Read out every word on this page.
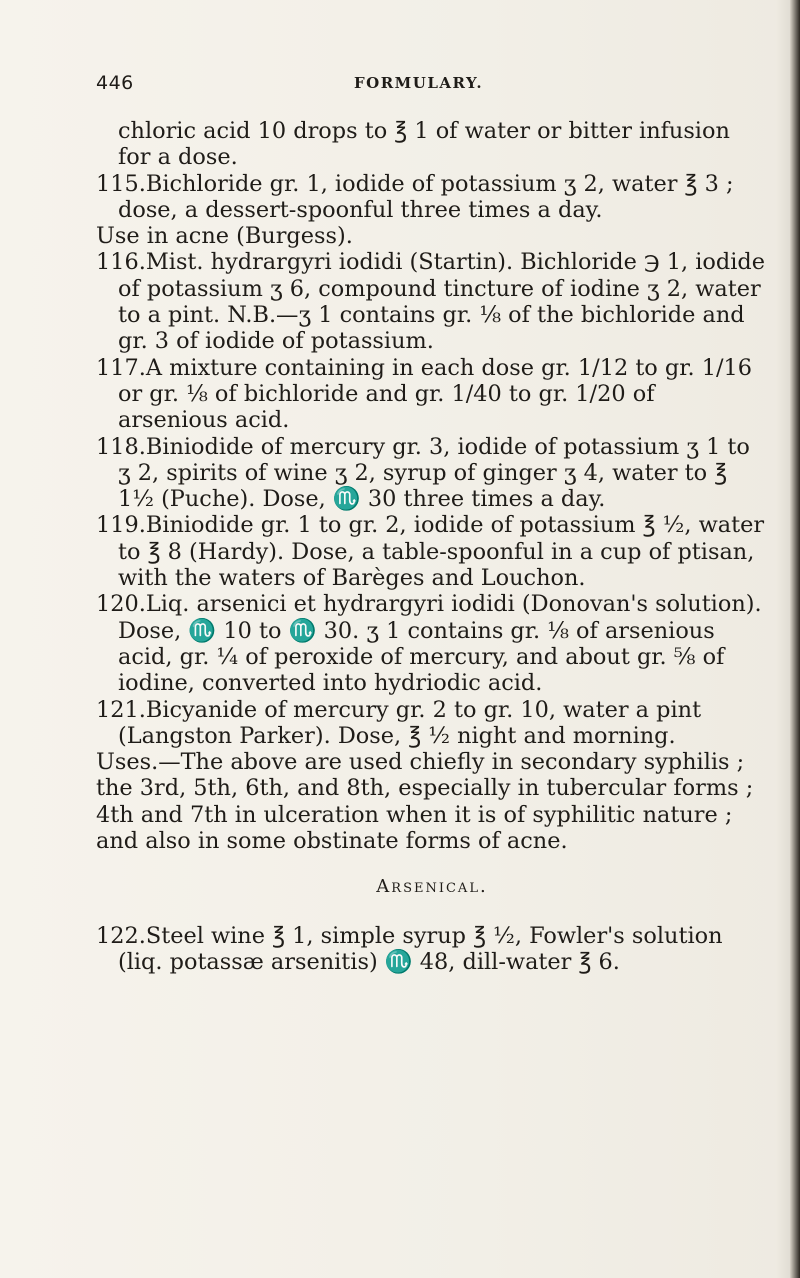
446	FORMULARY.

chloric acid 10 drops to ℥ 1 of water or bitter infusion for a dose.

115.Bichloride gr. 1, iodide of potassium ʒ 2, water ℥ 3 ; dose, a dessert-spoonful three times a day.

Use in acne (Burgess).

116.Mist. hydrargyri iodidi (Startin). Bichloride ℈ 1, iodide of potassium ʒ 6, compound tincture of iodine ʒ 2, water to a pint. N.B.—ʒ 1 contains gr. ⅛ of the bichloride and gr. 3 of iodide of potassium.

117.A mixture containing in each dose gr. 1/12 to gr. 1/16 or gr. ⅛ of bichloride and gr. 1/40 to gr. 1/20 of arsenious acid.

118.Biniodide of mercury gr. 3, iodide of potassium ʒ 1 to ʒ 2, spirits of wine ʒ 2, syrup of ginger ʒ 4, water to ℥ 1½ (Puche). Dose, ♏ 30 three times a day.

119.Biniodide gr. 1 to gr. 2, iodide of potassium ℥ ½, water to ℥ 8 (Hardy). Dose, a table-spoonful in a cup of ptisan, with the waters of Barèges and Louchon.

120.Liq. arsenici et hydrargyri iodidi (Donovan's solution). Dose, ♏ 10 to ♏ 30. ʒ 1 contains gr. ⅛ of arsenious acid, gr. ¼ of peroxide of mercury, and about gr. ⅝ of iodine, converted into hydriodic acid.

121.Bicyanide of mercury gr. 2 to gr. 10, water a pint (Langston Parker). Dose, ℥ ½ night and morning.

Uses.—The above are used chiefly in secondary syphilis ; the 3rd, 5th, 6th, and 8th, especially in tubercular forms ; 4th and 7th in ulceration when it is of syphilitic nature ; and also in some obstinate forms of acne.

Arsenical.

122.Steel wine ℥ 1, simple syrup ℥ ½, Fowler's solution (liq. potassæ arsenitis) ♏ 48, dill-water ℥ 6.
